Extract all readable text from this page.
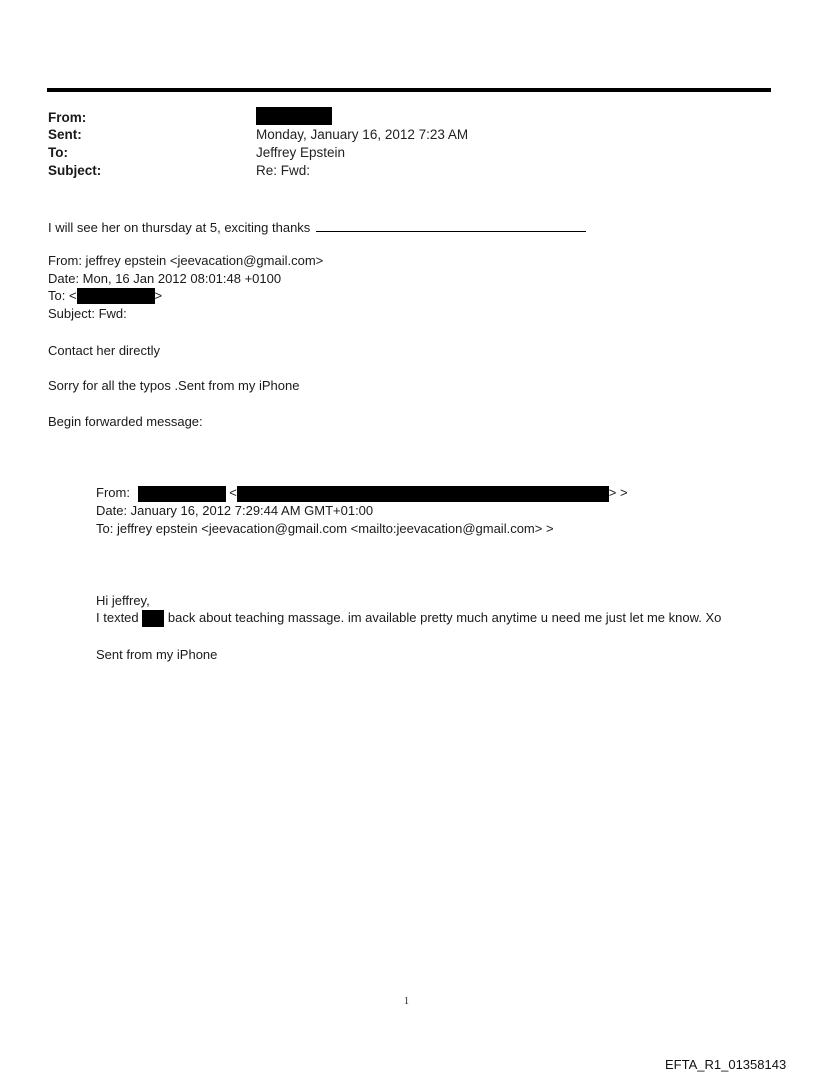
From:
Sent:	Monday, January 16, 2012 7:23 AM
To:	Jeffrey Epstein
Subject:	Re: Fwd:
I will see her on thursday at 5, exciting thanks
From: jeffrey epstein <jeevacation@gmail.com>
Date: Mon, 16 Jan 2012 08:01:48 +0100
To: <	>
Subject: Fwd:
Contact her directly
Sorry for all the typos .Sent from my iPhone
Begin forwarded message:
From:	<	> >
Date: January 16, 2012 7:29:44 AM GMT+01:00
To: jeffrey epstein <jeevacation@gmail.com <mailto:jeevacation@gmail.com> >
Hi jeffrey,
I texted back about teaching massage. im available pretty much anytime u need me just let me know. Xo
Sent from my iPhone
1
EFTA_R1_01358143
